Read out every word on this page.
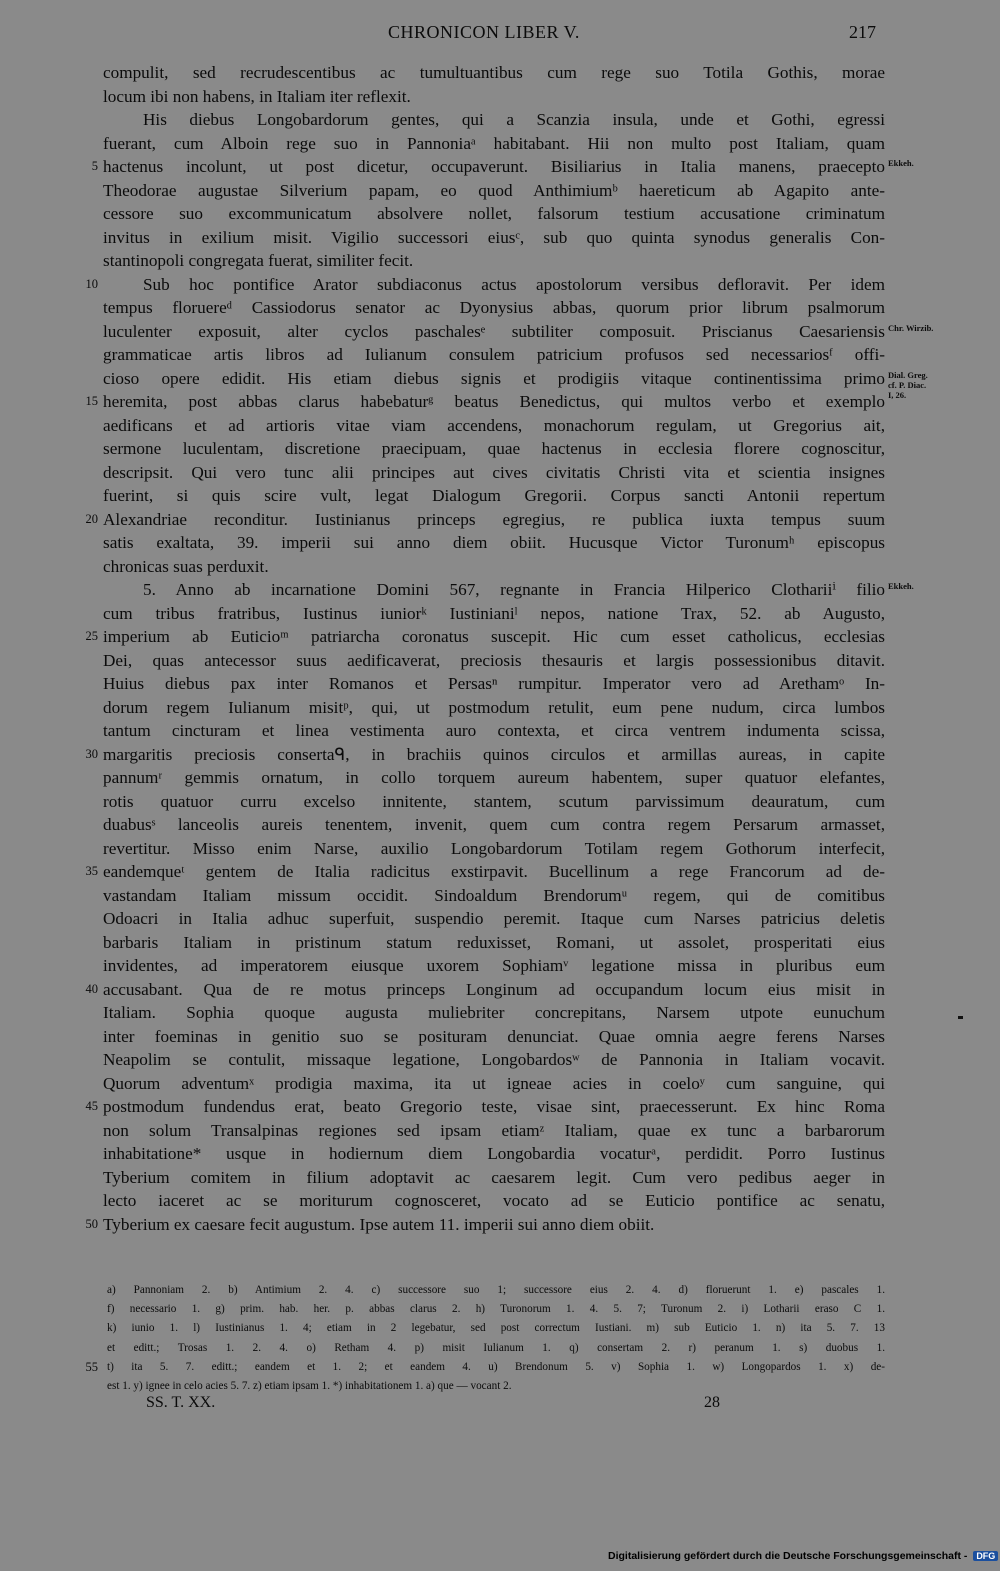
CHRONICON LIBER V.	217
compulit, sed recrudescentibus ac tumultuantibus cum rege suo Totila Gothis, morae
locum ibi non habens, in Italiam iter reflexit.
His diebus Longobardorum gentes, qui a Scanzia insula, unde et Gothi, egressi
fuerant, cum Alboin rege suo in Pannoniaᵃ habitabant. Hii non multo post Italiam, quam
5 hactenus incolunt, ut post dicetur, occupaverunt. Bisiliarius in Italia manens, praecepto Ekkeh.
Theodorae augustae Silverium papam, eo quod Anthimiumᵇ haereticum ab Agapito ante-
cessore suo excommunicatum absolvere nollet, falsorum testium accusatione criminatum
invitus in exilium misit. Vigilio successori eiusᶜ, sub quo quinta synodus generalis Con-
stantinopoli congregata fuerat, similiter fecit.
10	Sub hoc pontifice Arator subdiaconus actus apostolorum versibus defloravit. Per idem
tempus floruereᵈ Cassiodorus senator ac Dyonysius abbas, quorum prior librum psalmorum
luculenter exposuit, alter cyclos paschalesᵉ subtiliter composuit. Priscianus Caesariensis Chr. Wirzib.
grammaticae artis libros ad Iulianum consulem patricium profusos sed necessariosᶠ offi-
cioso opere edidit. His etiam diebus signis et prodigiis vitaque continentissima primo Dial. Greg.
cf. P. Diac.
I, 26.
15 heremita, post abbas clarus habebaturᵍ beatus Benedictus, qui multos verbo et exemplo
aedificans et ad artioris vitae viam accendens, monachorum regulam, ut Gregorius ait,
sermone luculentam, discretione praecipuam, quae hactenus in ecclesia florere cognoscitur,
descripsit. Qui vero tunc alii principes aut cives civitatis Christi vita et scientia insignes
fuerint, si quis scire vult, legat Dialogum Gregorii. Corpus sancti Antonii repertum
20 Alexandriae reconditur. Iustinianus princeps egregius, re publica iuxta tempus suum
satis exaltata, 39. imperii sui anno diem obiit. Hucusque Victor Turonumʰ episcopus
chronicas suas perduxit.
5. Anno ab incarnatione Domini 567, regnante in Francia Hilperico Clothariiⁱ filio Ekkeh.
cum tribus fratribus, Iustinus iuniorᵏ Iustinianiˡ nepos, natione Trax, 52. ab Augusto,
25 imperium ab Euticioᵐ patriarcha coronatus suscepit. Hic cum esset catholicus, ecclesias
Dei, quas antecessor suus aedificaverat, preciosis thesauris et largis possessionibus ditavit.
Huius diebus pax inter Romanos et Persasⁿ rumpitur. Imperator vero ad Arethamᵒ In-
dorum regem Iulianum misitᵖ, qui, ut postmodum retulit, eum pene nudum, circa lumbos
tantum cincturam et linea vestimenta auro contexta, et circa ventrem indumenta scissa,
30 margaritis preciosis consertaᑫ, in brachiis quinos circulos et armillas aureas, in capite
pannumʳ gemmis ornatum, in collo torquem aureum habentem, super quatuor elefantes,
rotis quatuor curru excelso innitente, stantem, scutum parvissimum deauratum, cum
duabusˢ lanceolis aureis tenentem, invenit, quem cum contra regem Persarum armasset,
revertitur. Misso enim Narse, auxilio Longobardorum Totilam regem Gothorum interfecit,
35 eandemqueᵗ gentem de Italia radicitus exstirpavit. Bucellinum a rege Francorum ad de-
vastandam Italiam missum occidit. Sindoaldum Brendorumᵘ regem, qui de comitibus
Odoacri in Italia adhuc superfuit, suspendio peremit. Itaque cum Narses patricius deletis
barbaris Italiam in pristinum statum reduxisset, Romani, ut assolet, prosperitati eius
invidentes, ad imperatorem eiusque uxorem Sophiamᵛ legatione missa in pluribus eum
40 accusabant. Qua de re motus princeps Longinum ad occupandum locum eius misit in
Italiam. Sophia quoque augusta muliebriter concrepitans, Narsem utpote eunuchum
inter foeminas in genitio suo se posituram denunciat. Quae omnia aegre ferens Narses
Neapolim se contulit, missaque legatione, Longobardosʷ de Pannonia in Italiam vocavit.
Quorum adventumˣ prodigia maxima, ita ut igneae acies in coeloʸ cum sanguine, qui
45 postmodum fundendus erat, beato Gregorio teste, visae sint, praecesserunt. Ex hinc Roma
non solum Transalpinas regiones sed ipsam etiamᶻ Italiam, quae ex tunc a barbarorum
inhabitatione* usque in hodiernum diem Longobardia vocaturᵃ, perdidit. Porro Iustinus
Tyberium comitem in filium adoptavit ac caesarem legit. Cum vero pedibus aeger in
lecto iaceret ac se moriturum cognosceret, vocato ad se Euticio pontifice ac senatu,
50 Tyberium ex caesare fecit augustum. Ipse autem 11. imperii sui anno diem obiit.
a) Pannoniam 2. b) Antimium 2. 4. c) successore suo 1; successore eius 2. 4. d) floruerunt 1. e) pascales 1.
f) necessario 1. g) prim. hab. her. p. abbas clarus 2. h) Turonorum 1. 4. 5. 7; Turonum 2. i) Lotharii eraso C 1.
k) iunio 1. l) Iustinianus 1. 4; etiam in 2 legebatur, sed post correctum Iustiani. m) sub Euticio 1. n) ita 5. 7. 13
et editt.; Trosas 1. 2. 4. o) Retham 4. p) misit Iulianum 1. q) consertam 2. r) peranum 1. s) duobus 1.
55 t) ita 5. 7. editt.; eandem et 1. 2; et eandem 4. u) Brendonum 5. v) Sophia 1. w) Longopardos 1. x) de-
est 1. y) ignee in celo acies 5. 7. z) etiam ipsam 1. *) inhabitationem 1. a) que — vocant 2.
SS. T. XX.	28
Digitalisierung gefördert durch die Deutsche Forschungsgemeinschaft - DFG
